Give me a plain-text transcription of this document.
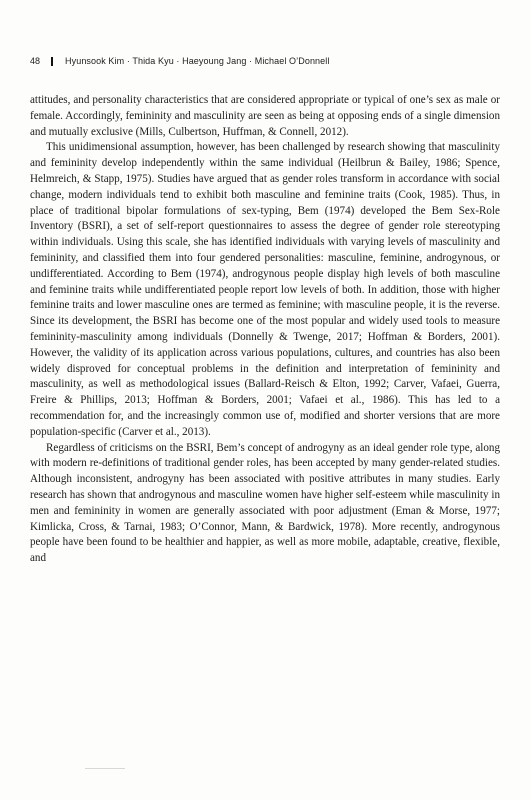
48	Hyunsook Kim · Thida Kyu · Haeyoung Jang · Michael O’Donnell

attitudes, and personality characteristics that are considered appropriate or typical of one’s sex as male or female. Accordingly, femininity and masculinity are seen as being at opposing ends of a single dimension and mutually exclusive (Mills, Culbertson, Huffman, & Connell, 2012).

This unidimensional assumption, however, has been challenged by research showing that masculinity and femininity develop independently within the same individual (Heilbrun & Bailey, 1986; Spence, Helmreich, & Stapp, 1975). Studies have argued that as gender roles transform in accordance with social change, modern individuals tend to exhibit both masculine and feminine traits (Cook, 1985). Thus, in place of traditional bipolar formulations of sex-typing, Bem (1974) developed the Bem Sex-Role Inventory (BSRI), a set of self-report questionnaires to assess the degree of gender role stereotyping within individuals. Using this scale, she has identified individuals with varying levels of masculinity and femininity, and classified them into four gendered personalities: masculine, feminine, androgynous, or undifferentiated. According to Bem (1974), androgynous people display high levels of both masculine and feminine traits while undifferentiated people report low levels of both. In addition, those with higher feminine traits and lower masculine ones are termed as feminine; with masculine people, it is the reverse. Since its development, the BSRI has become one of the most popular and widely used tools to measure femininity-masculinity among individuals (Donnelly & Twenge, 2017; Hoffman & Borders, 2001). However, the validity of its application across various populations, cultures, and countries has also been widely disproved for conceptual problems in the definition and interpretation of femininity and masculinity, as well as methodological issues (Ballard-Reisch & Elton, 1992; Carver, Vafaei, Guerra, Freire & Phillips, 2013; Hoffman & Borders, 2001; Vafaei et al., 1986). This has led to a recommendation for, and the increasingly common use of, modified and shorter versions that are more population-specific (Carver et al., 2013).

Regardless of criticisms on the BSRI, Bem’s concept of androgyny as an ideal gender role type, along with modern re-definitions of traditional gender roles, has been accepted by many gender-related studies. Although inconsistent, androgyny has been associated with positive attributes in many studies. Early research has shown that androgynous and masculine women have higher self-esteem while masculinity in men and femininity in women are generally associated with poor adjustment (Eman & Morse, 1977; Kimlicka, Cross, & Tarnai, 1983; O’Connor, Mann, & Bardwick, 1978). More recently, androgynous people have been found to be healthier and happier, as well as more mobile, adaptable, creative, flexible, and
